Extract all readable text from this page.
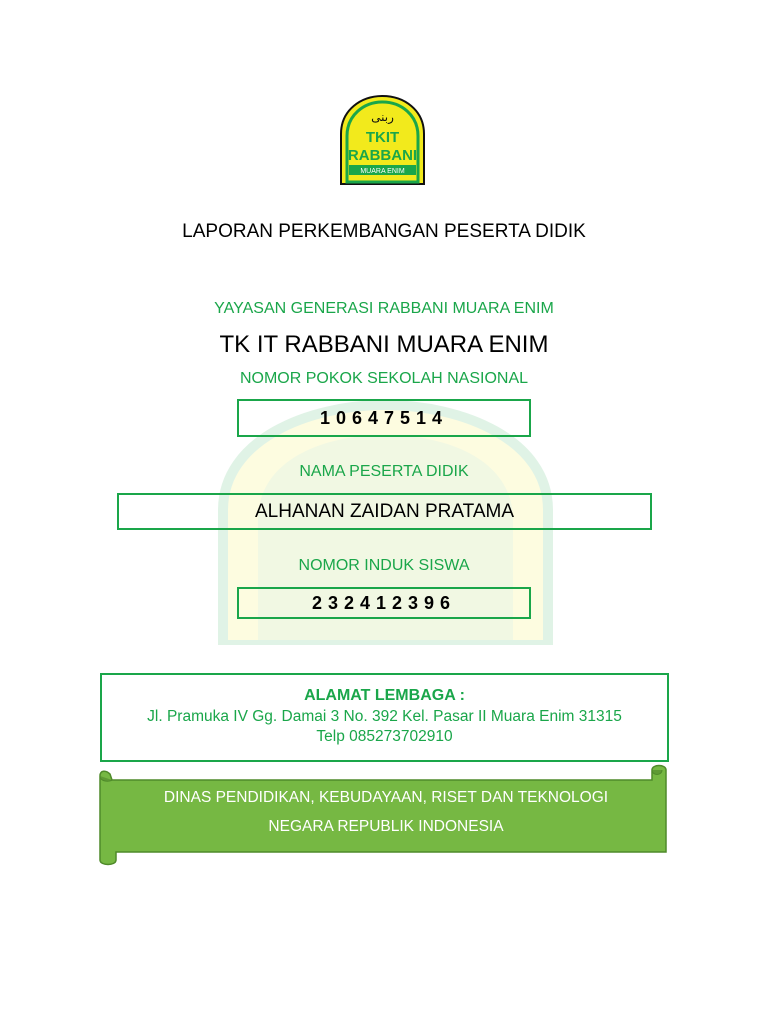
ربنى
TKIT
RABBANI
MUARA ENIM
LAPORAN PERKEMBANGAN PESERTA DIDIK
YAYASAN GENERASI RABBANI MUARA ENIM
TK IT RABBANI MUARA ENIM
NOMOR POKOK SEKOLAH NASIONAL
10647514
NAMA PESERTA DIDIK
ALHANAN ZAIDAN PRATAMA
NOMOR INDUK SISWA
232412396
ALAMAT LEMBAGA :
Jl. Pramuka IV Gg. Damai 3 No. 392 Kel. Pasar II Muara Enim 31315
Telp 085273702910
DINAS PENDIDIKAN, KEBUDAYAAN, RISET DAN TEKNOLOGI
NEGARA REPUBLIK INDONESIA
